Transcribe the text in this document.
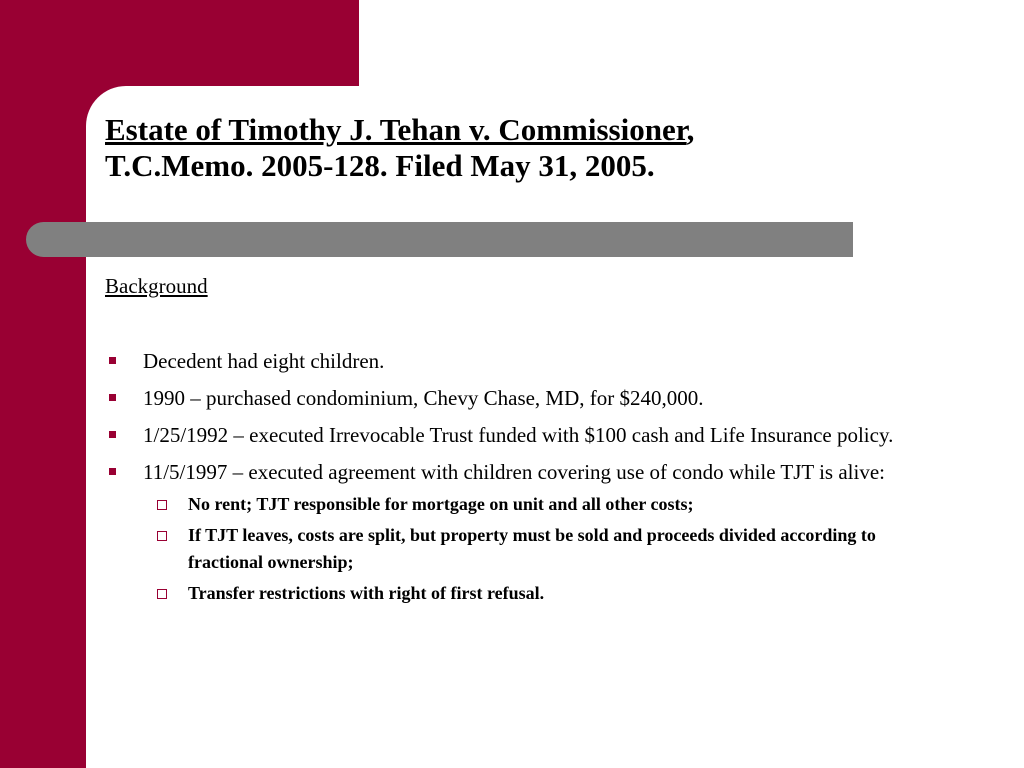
Estate of Timothy J. Tehan v. Commissioner,
T.C.Memo. 2005-128. Filed May 31, 2005.
Background
Decedent had eight children.
1990 – purchased condominium, Chevy Chase, MD, for $240,000.
1/25/1992 – executed Irrevocable Trust funded with $100 cash and Life Insurance policy.
11/5/1997 – executed agreement with children covering use of condo while TJT is alive:
No rent; TJT responsible for mortgage on unit and all other costs;
If TJT leaves, costs are split, but property must be sold and proceeds divided according to fractional ownership;
Transfer restrictions with right of first refusal.
